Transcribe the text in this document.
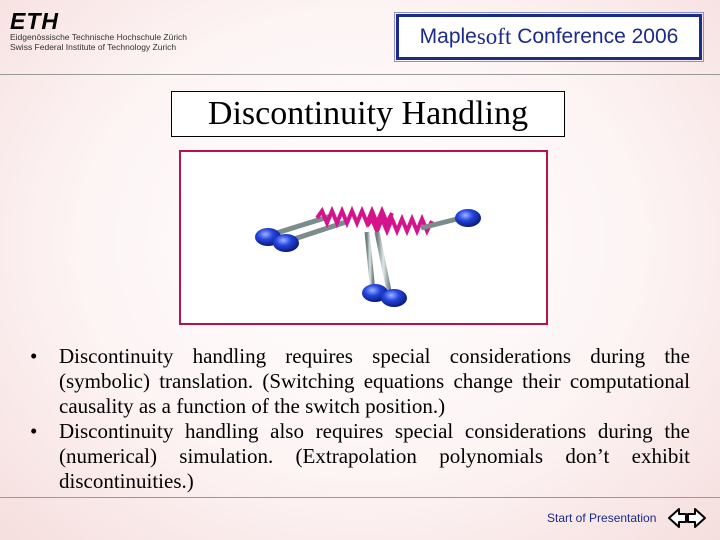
ETH
Eidgenössische Technische Hochschule Zürich
Swiss Federal Institute of Technology Zurich	Maple soft Conference 2006
Discontinuity Handling
•	Discontinuity handling requires special considerations during the (symbolic) translation. (Switching equations change their computational causality as a function of the switch position.)
•	Discontinuity handling also requires special considerations during the (numerical) simulation. (Extrapolation polynomials don’t exhibit discontinuities.)
Start of Presentation
